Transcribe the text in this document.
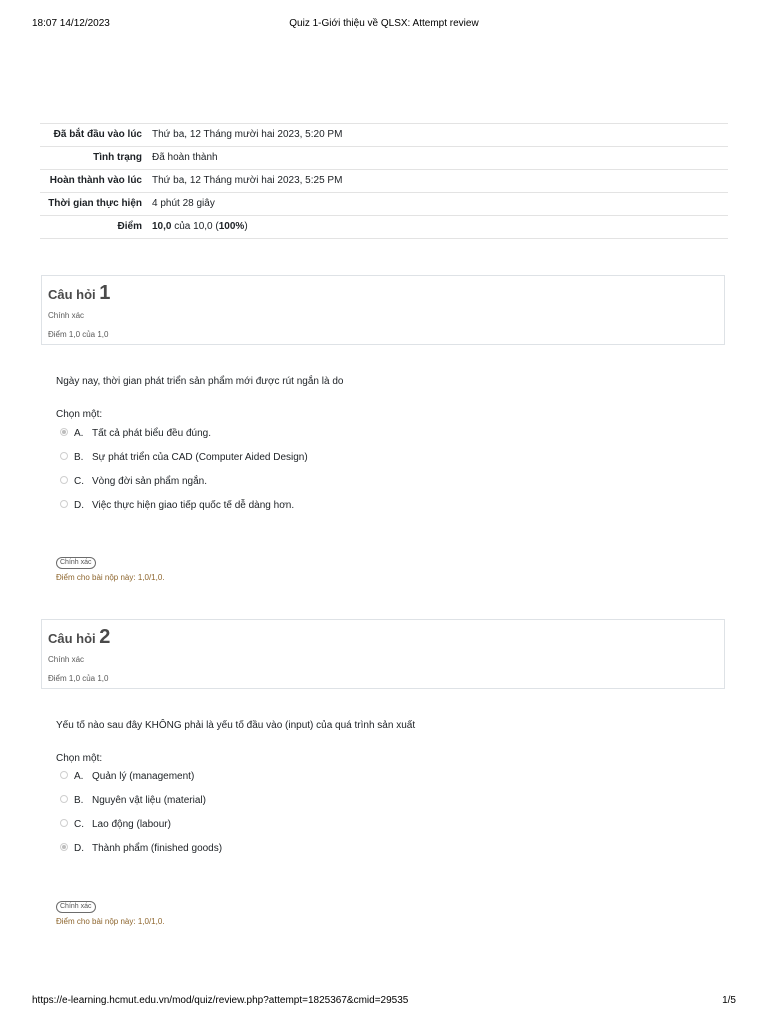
18:07 14/12/2023	Quiz 1-Giới thiệu về QLSX: Attempt review
Đã bắt đầu vào lúc	Thứ ba, 12 Tháng mười hai 2023, 5:20 PM
Tình trạng	Đã hoàn thành
Hoàn thành vào lúc	Thứ ba, 12 Tháng mười hai 2023, 5:25 PM
Thời gian thực hiện	4 phút 28 giây
Điểm	10,0 của 10,0 (100%)
Câu hỏi 1
Chính xác
Điểm 1,0 của 1,0
Ngày nay, thời gian phát triển sản phẩm mới được rút ngắn là do
Chọn một:
A. Tất cả phát biểu đều đúng.
B. Sự phát triển của CAD (Computer Aided Design)
C. Vòng đời sản phẩm ngắn.
D. Việc thực hiện giao tiếp quốc tế dễ dàng hơn.
Chính xác
Điểm cho bài nộp này: 1,0/1,0.
Câu hỏi 2
Chính xác
Điểm 1,0 của 1,0
Yếu tố nào sau đây KHÔNG phải là yếu tố đầu vào (input) của quá trình sản xuất
Chọn một:
A. Quản lý (management)
B. Nguyên vật liệu (material)
C. Lao động (labour)
D. Thành phẩm (finished goods)
Chính xác
Điểm cho bài nộp này: 1,0/1,0.
https://e-learning.hcmut.edu.vn/mod/quiz/review.php?attempt=1825367&cmid=29535	1/5
